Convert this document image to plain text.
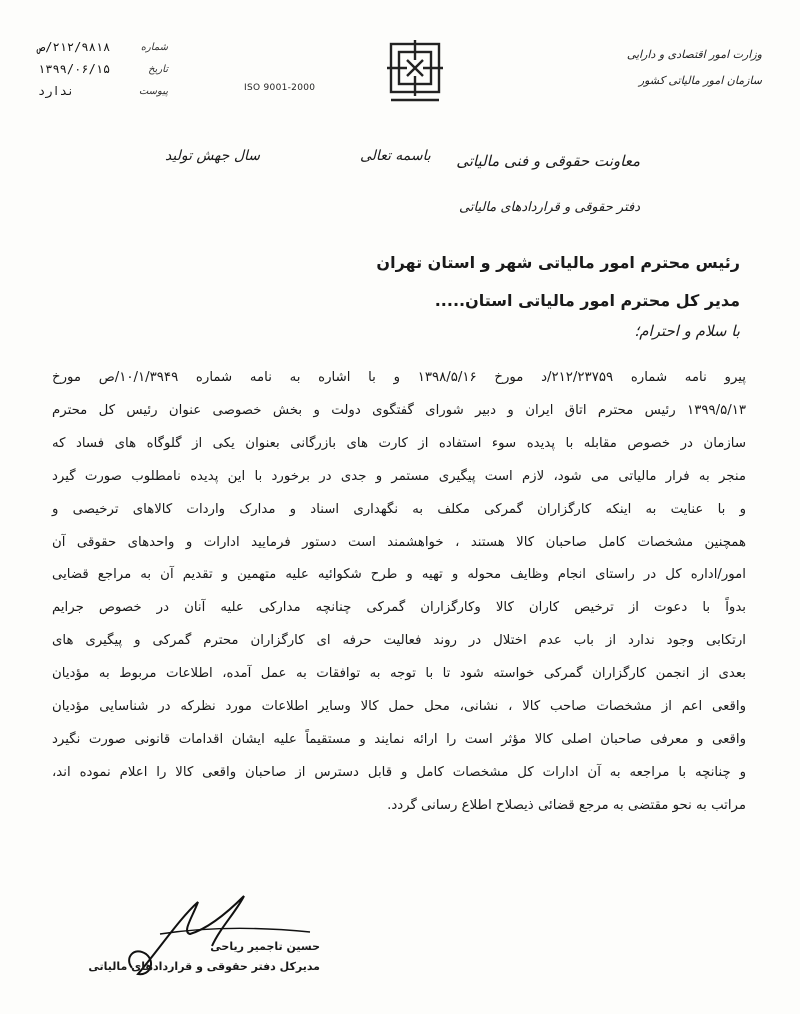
شماره
۲۱۲/۹۸۱۸/ص
تاریخ
۱۳۹۹/۰۶/۱۵
پیوست
ندارد	ISO 9001-2000
وزارت امور اقتصادی و دارایی
سازمان امور مالیاتی کشور
باسمه تعالی
سال جهش تولید	معاونت حقوقی و فنی مالیاتی
دفتر حقوقی و قراردادهای مالیاتی
رئیس محترم امور مالیاتی شهر و استان تهران
مدیر کل محترم امور مالیاتی استان.....
با سلام و احترام؛

پیرو نامه شماره ۲۱۲/۲۳۷۵۹/د مورخ ۱۳۹۸/۵/۱۶ و با اشاره به نامه شماره ۱۰/۱/۳۹۴۹/ص مورخ

۱۳۹۹/۵/۱۳ رئیس محترم اتاق ایران و دبیر شورای گفتگوی دولت و بخش خصوصی عنوان رئیس کل محترم

سازمان در خصوص مقابله با پدیده سوء استفاده از کارت های بازرگانی بعنوان یکی از گلوگاه های فساد که

منجر به فرار مالیاتی می شود، لازم است پیگیری مستمر و جدی در برخورد با این پدیده نامطلوب صورت گیرد

و با عنایت به اینکه کارگزاران گمرکی مکلف به نگهداری اسناد و مدارک واردات کالاهای ترخیصی و

همچنین مشخصات کامل صاحبان کالا هستند ، خواهشمند است دستور فرمایید ادارات و واحدهای حقوقی آن

امور/اداره کل در راستای انجام وظایف محوله و تهیه و طرح شکوائیه علیه متهمین و تقدیم آن به مراجع قضایی

بدواً با دعوت از ترخیص کاران کالا وکارگزاران گمرکی چنانچه مدارکی علیه آنان در خصوص جرایم

ارتکابی وجود ندارد از باب عدم اختلال در روند فعالیت حرفه ای کارگزاران محترم گمرکی و پیگیری های

بعدی از انجمن کارگزاران گمرکی خواسته شود تا با توجه به توافقات به عمل آمده، اطلاعات مربوط به مؤدیان

واقعی اعم از مشخصات صاحب کالا ، نشانی، محل حمل کالا وسایر اطلاعات مورد نظرکه در شناسایی مؤدیان

واقعی و معرفی صاحبان اصلی کالا مؤثر است را ارائه نمایند و مستقیماً علیه ایشان اقدامات قانونی صورت نگیرد

و چنانچه با مراجعه به آن ادارات کل مشخصات کامل و قابل دسترس از صاحبان واقعی کالا را اعلام نموده اند،

مراتب به نحو مقتضی به مرجع قضائی ذیصلاح اطلاع رسانی گردد.

حسین تاجمیر ریاحی
مدیرکل دفتر حقوقی و قراردادهای مالیاتی
